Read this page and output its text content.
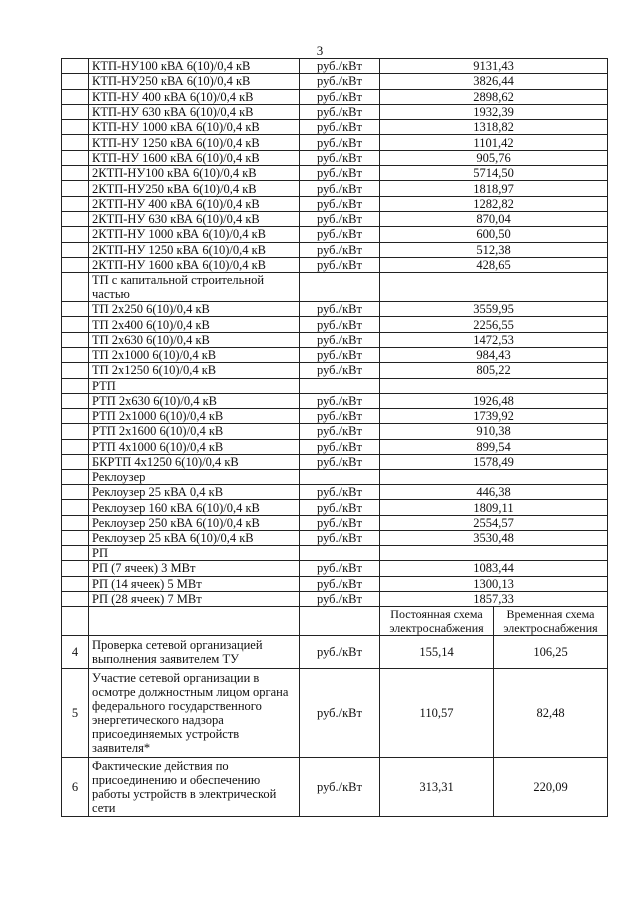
3
	КТП-НУ100 кВА 6(10)/0,4 кВ	руб./кВт	9131,43	
	КТП-НУ250 кВА 6(10)/0,4 кВ	руб./кВт	3826,44	
	КТП-НУ 400 кВА 6(10)/0,4 кВ	руб./кВт	2898,62	
	КТП-НУ 630 кВА 6(10)/0,4 кВ	руб./кВт	1932,39	
	КТП-НУ 1000 кВА 6(10)/0,4 кВ	руб./кВт	1318,82	
	КТП-НУ 1250 кВА 6(10)/0,4 кВ	руб./кВт	1101,42	
	КТП-НУ 1600 кВА 6(10)/0,4 кВ	руб./кВт	905,76	
	2КТП-НУ100 кВА 6(10)/0,4 кВ	руб./кВт	5714,50	
	2КТП-НУ250 кВА 6(10)/0,4 кВ	руб./кВт	1818,97	
	2КТП-НУ 400 кВА 6(10)/0,4 кВ	руб./кВт	1282,82	
	2КТП-НУ 630 кВА 6(10)/0,4 кВ	руб./кВт	870,04	
	2КТП-НУ 1000 кВА 6(10)/0,4 кВ	руб./кВт	600,50	
	2КТП-НУ 1250 кВА 6(10)/0,4 кВ	руб./кВт	512,38	
	2КТП-НУ 1600 кВА 6(10)/0,4 кВ	руб./кВт	428,65	
	ТП с капитальной строительной частью			
	ТП 2х250 6(10)/0,4 кВ	руб./кВт	3559,95	
	ТП 2х400 6(10)/0,4 кВ	руб./кВт	2256,55	
	ТП 2х630 6(10)/0,4 кВ	руб./кВт	1472,53	
	ТП 2х1000 6(10)/0,4 кВ	руб./кВт	984,43	
	ТП 2х1250 6(10)/0,4 кВ	руб./кВт	805,22	
	РТП			
	РТП 2х630 6(10)/0,4 кВ	руб./кВт	1926,48	
	РТП 2х1000 6(10)/0,4 кВ	руб./кВт	1739,92	
	РТП 2х1600 6(10)/0,4 кВ	руб./кВт	910,38	
	РТП 4х1000 6(10)/0,4 кВ	руб./кВт	899,54	
	БКРТП 4х1250 6(10)/0,4 кВ	руб./кВт	1578,49	
	Реклоузер			
	Реклоузер 25 кВА 0,4 кВ	руб./кВт	446,38	
	Реклоузер 160 кВА 6(10)/0,4 кВ	руб./кВт	1809,11	
	Реклоузер 250 кВА 6(10)/0,4 кВ	руб./кВт	2554,57	
	Реклоузер 25 кВА 6(10)/0,4 кВ	руб./кВт	3530,48	
	РП			
	РП (7 ячеек) 3 МВт	руб./кВт	1083,44	
	РП (14 ячеек) 5 МВт	руб./кВт	1300,13	
	РП (28 ячеек) 7 МВт	руб./кВт	1857,33	
			Постоянная схема электроснабжения	Временная схема электроснабжения
4	Проверка сетевой организацией выполнения заявителем ТУ	руб./кВт	155,14	106,25
5	Участие сетевой организации в осмотре должностным лицом органа федерального государственного энергетического надзора присоединяемых устройств заявителя*	руб./кВт	110,57	82,48
6	Фактические действия по присоединению и обеспечению работы устройств в электрической сети	руб./кВт	313,31	220,09
